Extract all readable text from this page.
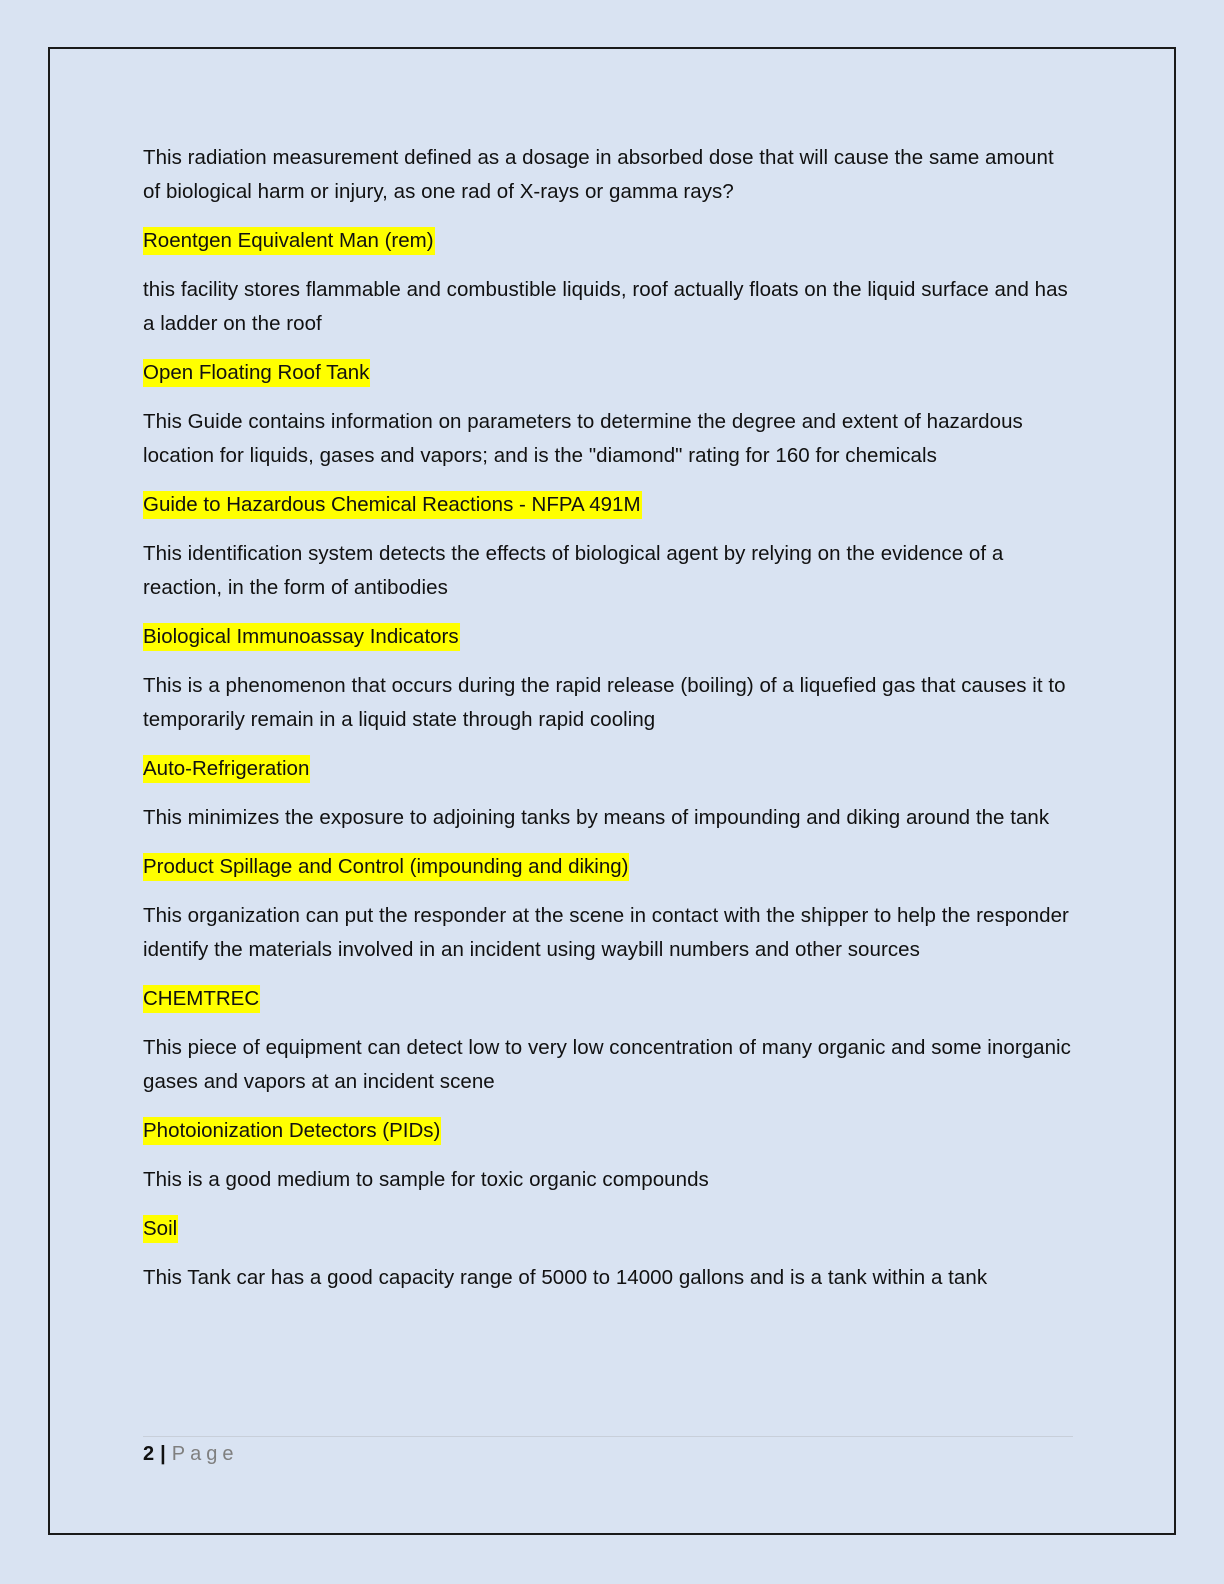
This radiation measurement defined as a dosage in absorbed dose that will cause the same amount of biological harm or injury, as one rad of X-rays or gamma rays?

Roentgen Equivalent Man (rem)

this facility stores flammable and combustible liquids, roof actually floats on the liquid surface and has a ladder on the roof

Open Floating Roof Tank

This Guide contains information on parameters to determine the degree and extent of hazardous location for liquids, gases and vapors; and is the "diamond" rating for 160 for chemicals

Guide to Hazardous Chemical Reactions - NFPA 491M

This identification system detects the effects of biological agent by relying on the evidence of a reaction, in the form of antibodies

Biological Immunoassay Indicators

This is a phenomenon that occurs during the rapid release (boiling) of a liquefied gas that causes it to temporarily remain in a liquid state through rapid cooling

Auto-Refrigeration

This minimizes the exposure to adjoining tanks by means of impounding and diking around the tank

Product Spillage and Control (impounding and diking)

This organization can put the responder at the scene in contact with the shipper to help the responder identify the materials involved in an incident using waybill numbers and other sources

CHEMTREC

This piece of equipment can detect low to very low concentration of many organic and some inorganic gases and vapors at an incident scene

Photoionization Detectors (PIDs)

This is a good medium to sample for toxic organic compounds

Soil

This Tank car has a good capacity range of 5000 to 14000 gallons and is a tank within a tank

2 | Page
